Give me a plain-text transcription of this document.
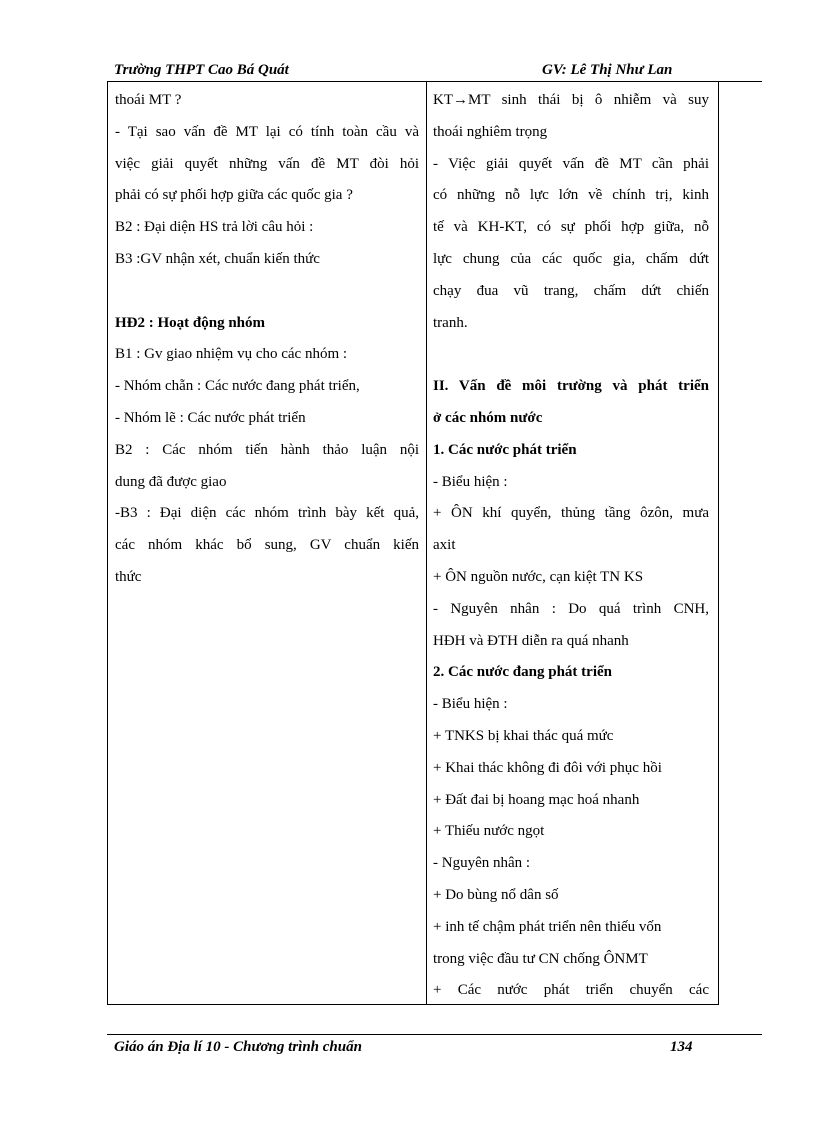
Trường THPT Cao Bá Quát	GV: Lê Thị Như Lan
thoái MT ?
- Tại sao vấn đề MT lại có tính toàn cầu và
việc giải quyết những vấn đề MT đòi hỏi
phải có sự phối hợp giữa các quốc gia ?
B2 : Đại diện HS trả lời câu hỏi :
B3 :GV nhận xét, chuẩn kiến thức
HĐ2 : Hoạt động nhóm
B1 : Gv giao nhiệm vụ cho các nhóm :
- Nhóm chẵn : Các nước đang phát triển,
- Nhóm lẽ : Các nước phát triển
B2 : Các nhóm tiến hành thảo luận nội
dung đã được giao
-B3 : Đại diện các nhóm trình bày kết quả,
các nhóm khác bổ sung, GV chuẩn kiến
thức
KT→MT sinh thái bị ô nhiễm và suy
thoái nghiêm trọng
- Việc giải quyết vấn đề MT cần phải
có những nỗ lực lớn về chính trị, kinh
tế và KH-KT, có sự phối hợp giữa, nỗ
lực chung của các quốc gia, chấm dứt
chạy đua vũ trang, chấm dứt chiến
tranh.
II. Vấn đề môi trường và phát triển
ở các nhóm nước
1. Các nước phát triển
- Biểu hiện :
+ ÔN khí quyển, thủng tầng ôzôn, mưa
axit
+ ÔN nguồn nước, cạn kiệt TN KS
- Nguyên nhân : Do quá trình CNH,
HĐH và ĐTH diễn ra quá nhanh
2. Các nước đang phát triển
- Biểu hiện :
+ TNKS bị khai thác quá mức
+ Khai thác không đi đôi với phục hồi
+ Đất đai bị hoang mạc hoá nhanh
+ Thiếu nước ngọt
- Nguyên nhân :
+ Do bùng nổ dân số
+ inh tế chậm phát triển nên thiếu vốn
trong việc đầu tư CN chống ÔNMT
+ Các nước phát triển chuyển các
Giáo án Địa lí 10 - Chương trình chuẩn	134
